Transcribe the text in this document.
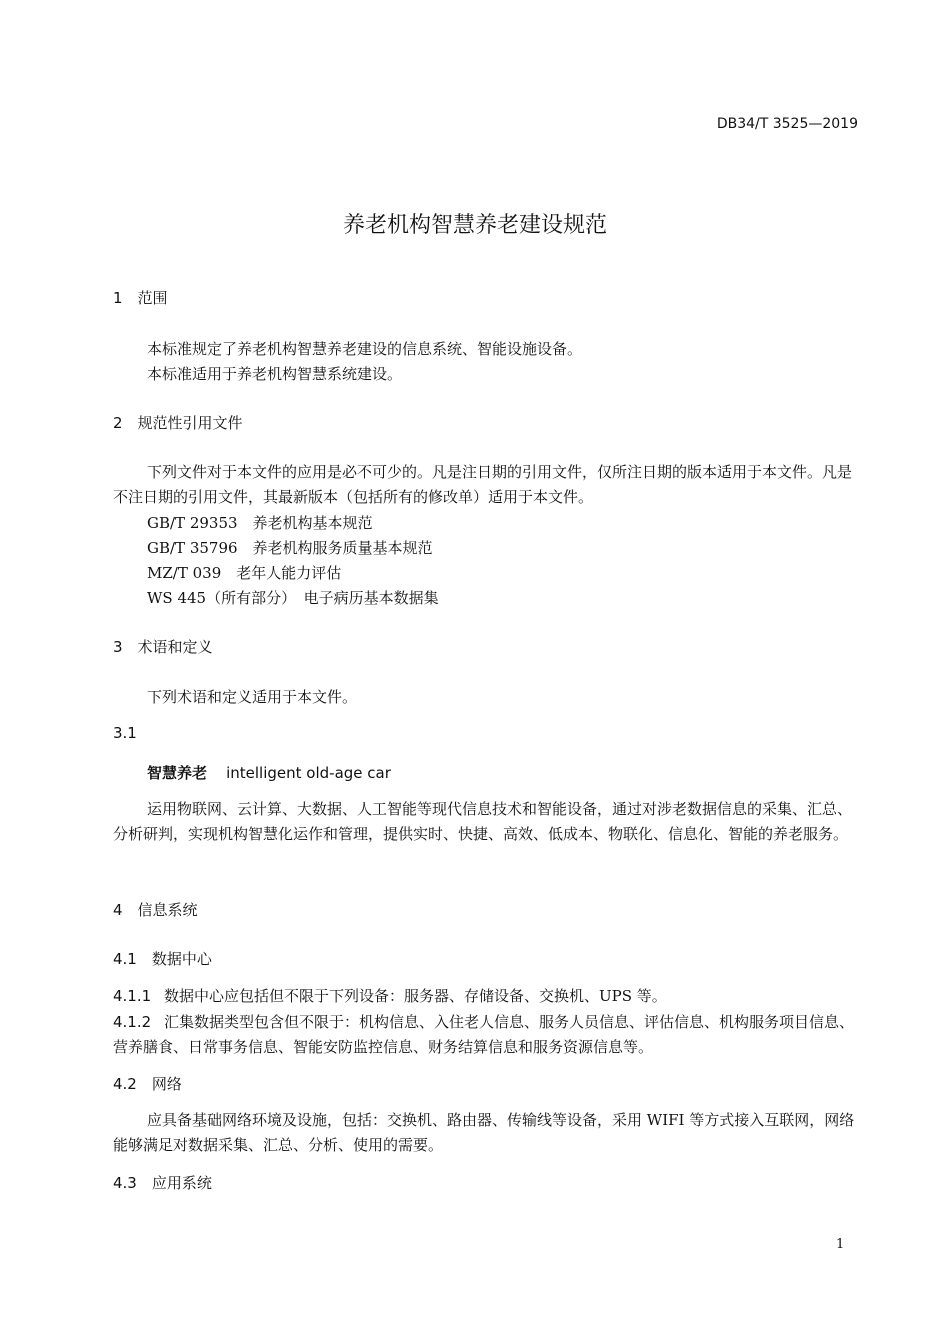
DB34/T 3525—2019
养老机构智慧养老建设规范
1　范围
本标准规定了养老机构智慧养老建设的信息系统、智能设施设备。
本标准适用于养老机构智慧系统建设。
2　规范性引用文件
下列文件对于本文件的应用是必不可少的。凡是注日期的引用文件，仅所注日期的版本适用于本文件。凡是不注日期的引用文件，其最新版本（包括所有的修改单）适用于本文件。
GB/T 29353　养老机构基本规范
GB/T 35796　养老机构服务质量基本规范
MZ/T 039　老年人能力评估
WS 445（所有部分）　电子病历基本数据集
3　术语和定义
下列术语和定义适用于本文件。
3.1
智慧养老 intelligent old-age car
运用物联网、云计算、大数据、人工智能等现代信息技术和智能设备，通过对涉老数据信息的采集、汇总、分析研判，实现机构智慧化运作和管理，提供实时、快捷、高效、低成本、物联化、信息化、智能的养老服务。
4　信息系统
4.1　数据中心
4.1.1 数据中心应包括但不限于下列设备：服务器、存储设备、交换机、UPS 等。
4.1.2 汇集数据类型包含但不限于：机构信息、入住老人信息、服务人员信息、评估信息、机构服务项目信息、营养膳食、日常事务信息、智能安防监控信息、财务结算信息和服务资源信息等。
4.2　网络
应具备基础网络环境及设施，包括：交换机、路由器、传输线等设备，采用 WIFI 等方式接入互联网，网络能够满足对数据采集、汇总、分析、使用的需要。
4.3　应用系统
1
